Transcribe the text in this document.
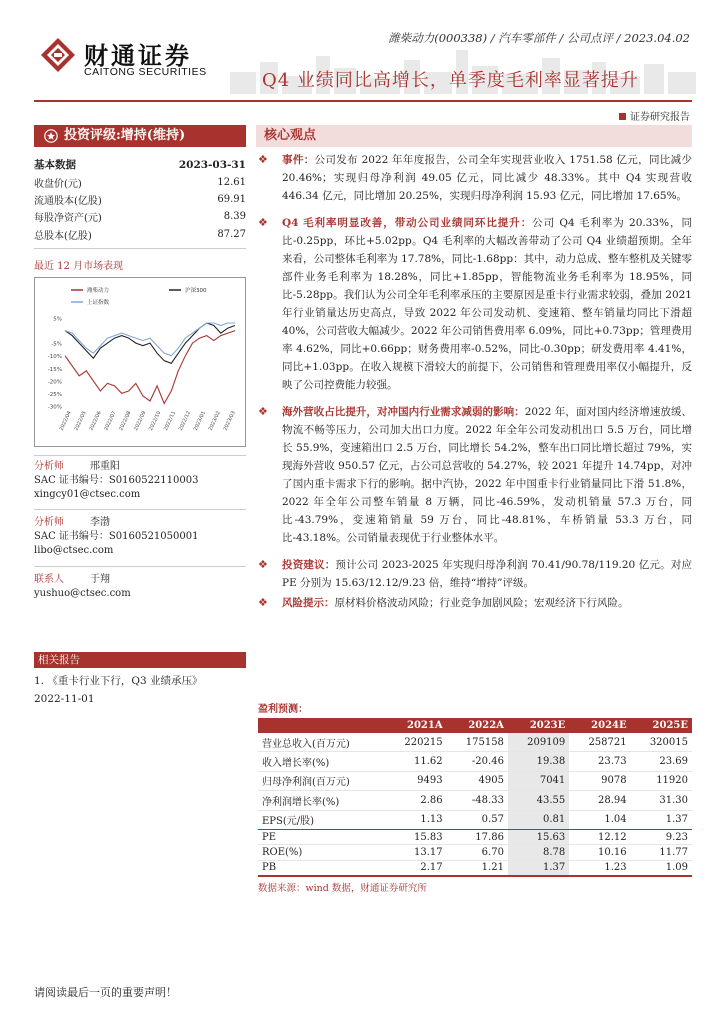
财通证券
CAITONG SECURITIES
潍柴动力(000338) / 汽车零部件 / 公司点评 / 2023.04.02
Q4 业绩同比高增长，单季度毛利率显著提升
证券研究报告
投资评级:增持(维持)	核心观点
基本数据	2023-03-31
收盘价(元)	12.61
流通股本(亿股)	69.91
每股净资产(元)	8.39
总股本(亿股)	87.27
最近 12 月市场表现
5%
-5%
-10%
-15%
-20%
-25%
-30%
2022/04 2022/05 2022/06 2022/07 2022/08 2022/09 2022/10 2022/11 2022/12 2023/01 2023/02 2023/03
潍柴动力	沪深300
上证指数
分析师	邢重阳
SAC 证书编号：S0160522110003
xingcy01@ctsec.com
分析师	李渤
SAC 证书编号：S0160521050001
libo@ctsec.com
联系人	于翔
yushuo@ctsec.com
相关报告
1. 《重卡行业下行，Q3 业绩承压》
2022-11-01
❖ 事件：公司发布 2022 年年度报告，公司全年实现营业收入 1751.58 亿元，同比减少 20.46%；实现归母净利润 49.05 亿元，同比减少 48.33%。其中 Q4 实现营收 446.34 亿元，同比增加 20.25%，实现归母净利润 15.93 亿元，同比增加 17.65%。
❖ Q4 毛利率明显改善，带动公司业绩同环比提升：公司 Q4 毛利率为 20.33%，同比-0.25pp，环比+5.02pp。Q4 毛利率的大幅改善带动了公司 Q4 业绩超预期。全年来看，公司整体毛利率为 17.78%，同比-1.68pp：其中，动力总成、整车整机及关键零部件业务毛利率为 18.28%，同比+1.85pp，智能物流业务毛利率为 18.95%，同比-5.28pp。我们认为公司全年毛利率承压的主要原因是重卡行业需求较弱，叠加 2021 年行业销量达历史高点，导致 2022 年公司发动机、变速箱、整车销量均同比下滑超 40%，公司营收大幅减少。2022 年公司销售费用率 6.09%，同比+0.73pp；管理费用率 4.62%，同比+0.66pp；财务费用率-0.52%，同比-0.30pp；研发费用率 4.41%，同比+1.03pp。在收入规模下滑较大的前提下，公司销售和管理费用率仅小幅提升，反映了公司控费能力较强。
❖ 海外营收占比提升，对冲国内行业需求减弱的影响：2022 年，面对国内经济增速放缓、物流不畅等压力，公司加大出口力度。2022 年全年公司发动机出口 5.5 万台，同比增长 55.9%，变速箱出口 2.5 万台，同比增长 54.2%，整车出口同比增长超过 79%，实现海外营收 950.57 亿元，占公司总营收的 54.27%，较 2021 年提升 14.74pp，对冲了国内重卡需求下行的影响。据中汽协，2022 年中国重卡行业销量同比下滑 51.8%，2022 年全年公司整车销量 8 万辆，同比-46.59%，发动机销量 57.3 万台，同比-43.79%，变速箱销量 59 万台，同比-48.81%，车桥销量 53.3 万台，同比-43.18%。公司销量表现优于行业整体水平。
❖ 投资建议：预计公司 2023-2025 年实现归母净利润 70.41/90.78/119.20 亿元。对应 PE 分别为 15.63/12.12/9.23 倍，维持“增持”评级。
❖ 风险提示：原材料价格波动风险；行业竞争加剧风险；宏观经济下行风险。
盈利预测：
	2021A	2022A	2023E	2024E	2025E
营业总收入(百万元)	220215	175158	209109	258721	320015
收入增长率(%)	11.62	-20.46	19.38	23.73	23.69
归母净利润(百万元)	9493	4905	7041	9078	11920
净利润增长率(%)	2.86	-48.33	43.55	28.94	31.30
EPS(元/股)	1.13	0.57	0.81	1.04	1.37
PE	15.83	17.86	15.63	12.12	9.23
ROE(%)	13.17	6.70	8.78	10.16	11.77
PB	2.17	1.21	1.37	1.23	1.09
数据来源：wind 数据，财通证券研究所
请阅读最后一页的重要声明！
